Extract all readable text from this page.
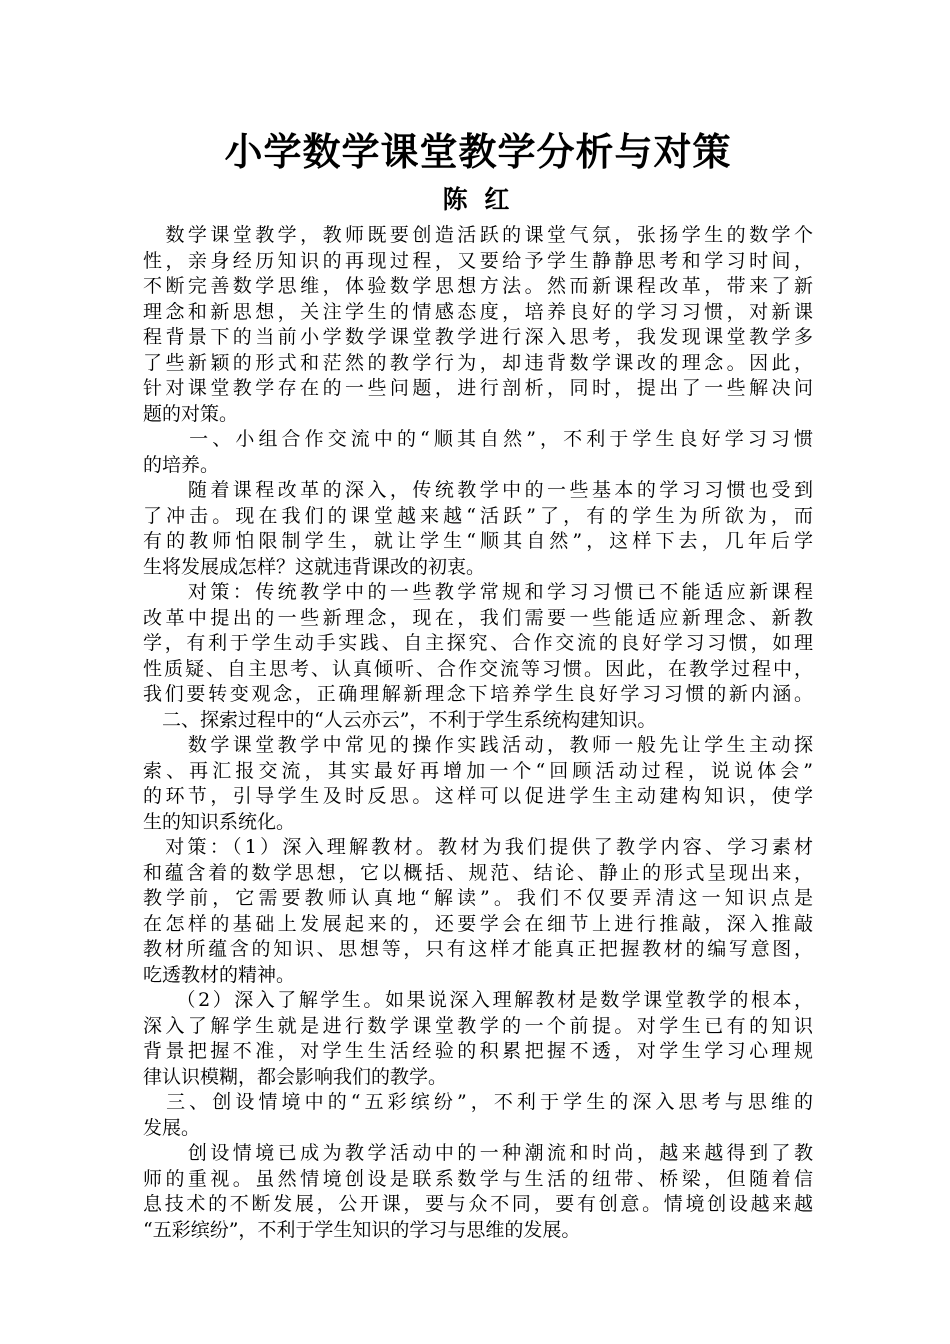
小学数学课堂教学分析与对策
陈 红
　数学课堂教学，教师既要创造活跃的课堂气氛，张扬学生的数学个
性，亲身经历知识的再现过程，又要给予学生静静思考和学习时间，
不断完善数学思维，体验数学思想方法。然而新课程改革，带来了新
理念和新思想，关注学生的情感态度，培养良好的学习习惯，对新课
程背景下的当前小学数学课堂教学进行深入思考，我发现课堂教学多
了些新颖的形式和茫然的教学行为，却违背数学课改的理念。因此，
针对课堂教学存在的一些问题，进行剖析，同时，提出了一些解决问
题的对策。
　　一、小组合作交流中的“顺其自然”，不利于学生良好学习习惯
的培养。
　　随着课程改革的深入，传统教学中的一些基本的学习习惯也受到
了冲击。现在我们的课堂越来越“活跃”了，有的学生为所欲为，而
有的教师怕限制学生，就让学生“顺其自然”，这样下去，几年后学
生将发展成怎样？这就违背课改的初衷。
　　对策：传统教学中的一些教学常规和学习习惯已不能适应新课程
改革中提出的一些新理念，现在，我们需要一些能适应新理念、新教
学，有利于学生动手实践、自主探究、合作交流的良好学习习惯，如理
性质疑、自主思考、认真倾听、合作交流等习惯。因此，在教学过程中，
我们要转变观念，正确理解新理念下培养学生良好学习习惯的新内涵。
　二、探索过程中的“人云亦云”，不利于学生系统构建知识。
　　数学课堂教学中常见的操作实践活动，教师一般先让学生主动探
索、再汇报交流，其实最好再增加一个“回顾活动过程，说说体会”
的环节，引导学生及时反思。这样可以促进学生主动建构知识，使学
生的知识系统化。
　对策：（1）深入理解教材。教材为我们提供了教学内容、学习素材
和蕴含着的数学思想，它以概括、规范、结论、静止的形式呈现出来，
教学前，它需要教师认真地“解读”。我们不仅要弄清这一知识点是
在怎样的基础上发展起来的，还要学会在细节上进行推敲，深入推敲
教材所蕴含的知识、思想等，只有这样才能真正把握教材的编写意图，
吃透教材的精神。
　　（2）深入了解学生。如果说深入理解教材是数学课堂教学的根本，
深入了解学生就是进行数学课堂教学的一个前提。对学生已有的知识
背景把握不准，对学生生活经验的积累把握不透，对学生学习心理规
律认识模糊，都会影响我们的教学。
　三、创设情境中的“五彩缤纷”，不利于学生的深入思考与思维的
发展。
　　创设情境已成为教学活动中的一种潮流和时尚，越来越得到了教
师的重视。虽然情境创设是联系数学与生活的纽带、桥梁，但随着信
息技术的不断发展，公开课，要与众不同，要有创意。情境创设越来越
“五彩缤纷”，不利于学生知识的学习与思维的发展。
